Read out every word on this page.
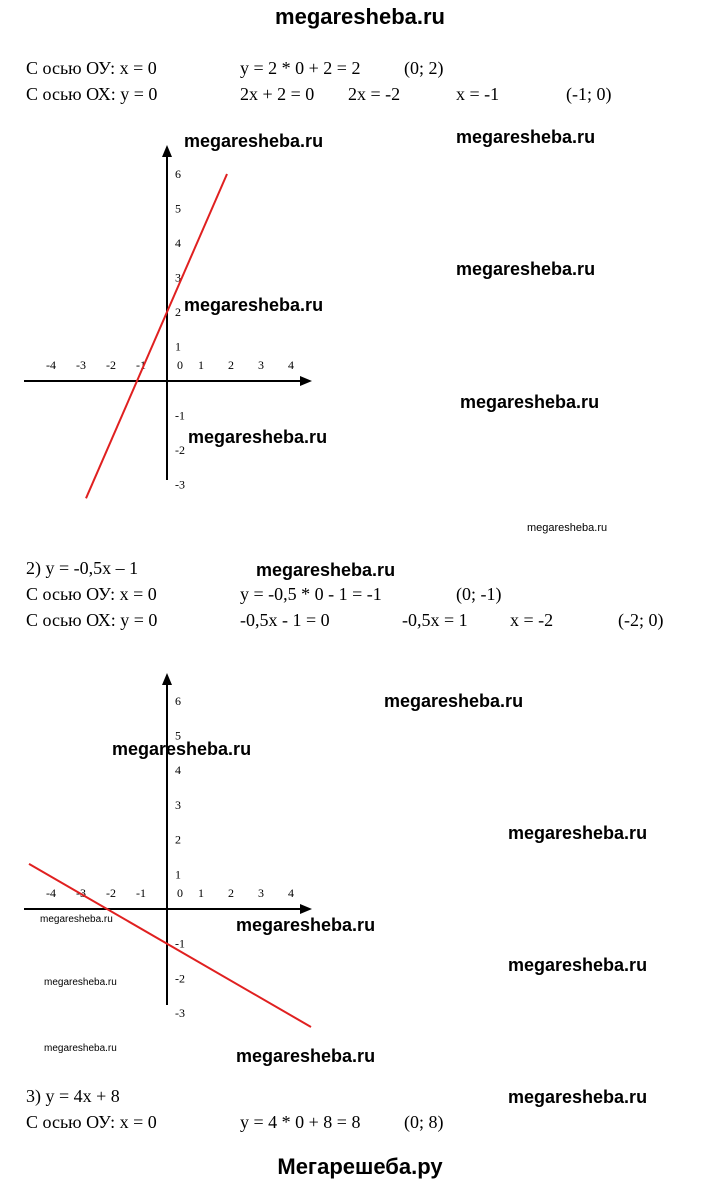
megaresheba.ru
С осью ОУ: x = 0	y = 2 * 0 + 2 = 2 (0; 2)
С осью ОХ: y = 0	2x + 2 = 0 2x = -2	x = -1	(-1; 0)
-4 -3 -2 -1	0 1 2 3 4
6
5
4
3
2
1
-1
-2
-3
2) y = -0,5x – 1
С осью ОУ: x = 0	y = -0,5 * 0 - 1 = -1	(0; -1)
С осью ОХ: y = 0	-0,5x - 1 = 0	-0,5x = 1 x = -2	(-2; 0)
-4 -3 -2 -1	0 1 2 3 4
6
5
4
3
2
1
-1
-2
-3
3) y = 4x + 8
С осью ОУ: x = 0	y = 4 * 0 + 8 = 8 (0; 8)
megaresheba.ru	megaresheba.ru
megaresheba.ru
megaresheba.ru
megaresheba.ru
megaresheba.ru
megaresheba.ru
megaresheba.ru
megaresheba.ru
megaresheba.ru
megaresheba.ru
megaresheba.ru	megaresheba.ru
megaresheba.ru
megaresheba.ru
megaresheba.ru	megaresheba.ru
megaresheba.ru
Мегарешеба.ру
